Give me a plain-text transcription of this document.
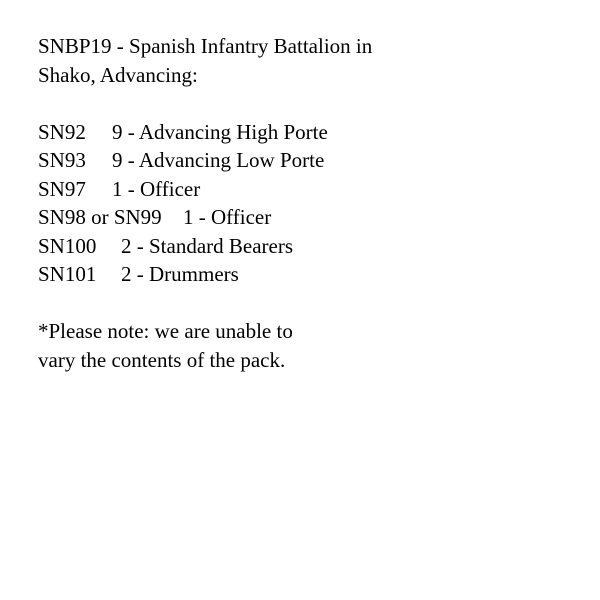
SNBP19 - Spanish Infantry Battalion in
Shako, Advancing:
SN92	9 - Advancing High Porte
SN93	9 - Advancing Low Porte
SN97	1 - Officer
SN98 or SN99	1 - Officer
SN100	2 - Standard Bearers
SN101	2 - Drummers
*Please note: we are unable to
vary the contents of the pack.
